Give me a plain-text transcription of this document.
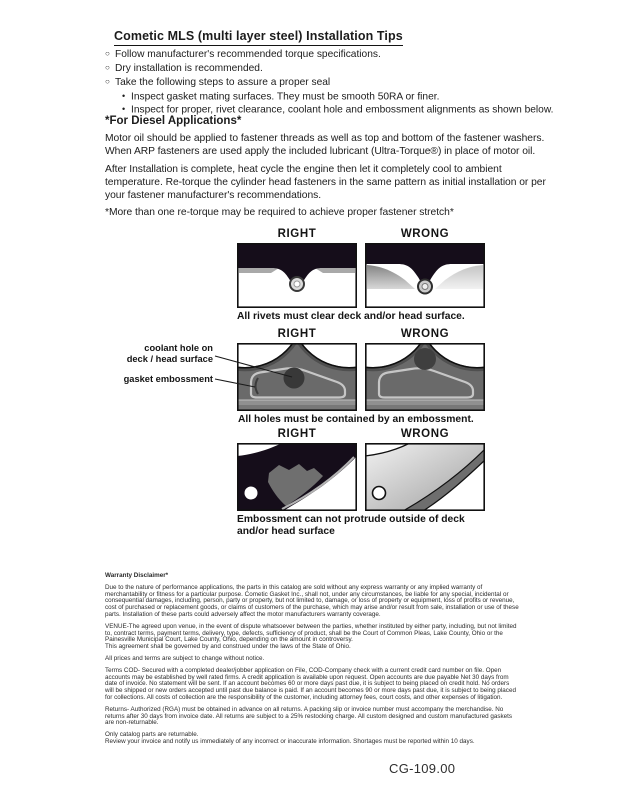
Cometic MLS (multi layer steel) Installation Tips
○ Follow manufacturer's recommended torque specifications.
○ Dry installation is recommended.
○ Take the following steps to assure a proper seal
• Inspect gasket mating surfaces. They must be smooth 50RA or finer.
• Inspect for proper, rivet clearance, coolant hole and embossment alignments as shown below.
*For Diesel Applications*
Motor oil should be applied to fastener threads as well as top and bottom of the fastener washers. When ARP fasteners are used apply the included lubricant (Ultra-Torque®) in place of motor oil.
After Installation is complete, heat cycle the engine then let it completely cool to ambient temperature. Re-torque the cylinder head fasteners in the same pattern as initial installation or per your fastener manufacturer's recommendations.
*More than one re-torque may be required to achieve proper fastener stretch*
RIGHT	WRONG
All rivets must clear deck and/or head surface.
RIGHT	WRONG
coolant hole on
deck / head surface
gasket embossment
All holes must be contained by an embossment.
RIGHT	WRONG
Embossment can not protrude outside of deck and/or head surface

Warranty Disclaimer*

Due to the nature of performance applications, the parts in this catalog are sold without any express warranty or any implied warranty of merchantability or fitness for a particular purpose. Cometic Gasket Inc., shall not, under any circumstances, be liable for any special, incidental or consequential damages, including, person, party or property, but not limited to, damage, or loss of property or equipment, loss of profits or revenue, cost of purchased or replacement goods, or claims of customers of the purchase, which may arise and/or result from sale, installation or use of these parts. Installation of these parts could adversely affect the motor manufacturers warranty coverage.

VENUE-The agreed upon venue, in the event of dispute whatsoever between the parties, whether instituted by either party, including, but not limited to, contract terms, payment terms, delivery, type, defects, sufficiency of product, shall be the Court of Common Pleas, Lake County, Ohio or the Painesville Municipal Court, Lake County, Ohio, depending on the amount in controversy.

This agreement shall be governed by and construed under the laws of the State of Ohio.

All prices and terms are subject to change without notice.

Terms COD- Secured with a completed dealer/jobber application on File, COD-Company check with a current credit card number on file. Open accounts may be established by well rated firms. A credit application is available upon request. Open accounts are due payable Net 30 days from date of invoice. No statement will be sent. If an account becomes 60 or more days past due, it is subject to being placed on credit hold. No orders will be shipped or new orders accepted until past due balance is paid. If an account becomes 90 or more days past due, it is subject to being placed for collections. All costs of collection are the responsibility of the customer, including attorney fees, court costs, and other expenses of litigation.

Returns- Authorized (RGA) must be obtained in advance on all returns. A packing slip or invoice number must accompany the merchandise. No returns after 30 days from invoice date. All returns are subject to a 25% restocking charge. All custom designed and custom manufactured gaskets are non-returnable.

Only catalog parts are returnable.

Review your invoice and notify us immediately of any incorrect or inaccurate information. Shortages must be reported within 10 days.

CG-109.00
